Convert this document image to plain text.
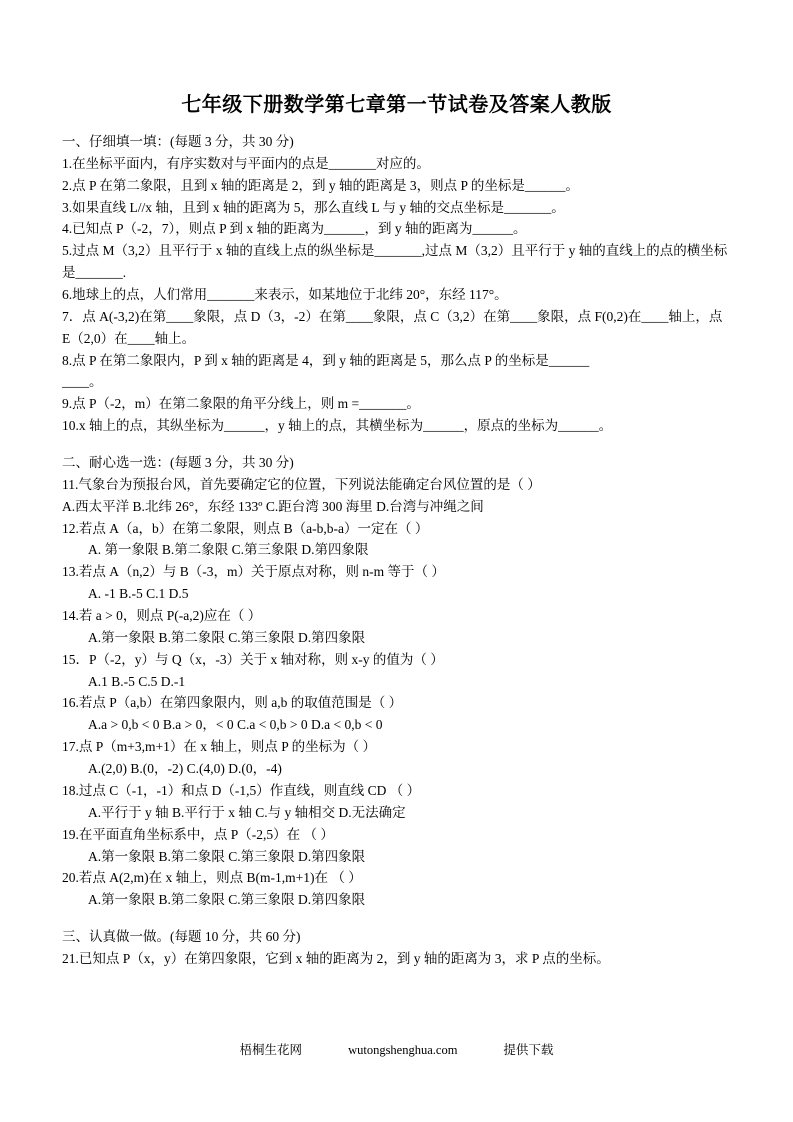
七年级下册数学第七章第一节试卷及答案人教版

一、仔细填一填：(每题 3 分，共 30 分)

1.在坐标平面内，有序实数对与平面内的点是_______对应的。

2.点 P 在第二象限，且到 x 轴的距离是 2，到 y 轴的距离是 3，则点 P 的坐标是______。

3.如果直线 L//x 轴，且到 x 轴的距离为 5，那么直线 L 与 y 轴的交点坐标是_______。

4.已知点 P（-2，7），则点 P 到 x 轴的距离为______，到 y 轴的距离为______。

5.过点 M（3,2）且平行于 x 轴的直线上点的纵坐标是_______,过点 M（3,2）且平行于 y 轴的直线上的点的横坐标是_______.

6.地球上的点，人们常用_______来表示，如某地位于北纬 20°，东经 117°。

7．点 A(-3,2)在第____象限，点 D（3，-2）在第____象限，点 C（3,2）在第____象限，点 F(0,2)在____轴上，点 E（2,0）在____轴上。

8.点 P 在第二象限内，P 到 x 轴的距离是 4，到 y 轴的距离是 5，那么点 P 的坐标是______

____。

9.点 P（-2，m）在第二象限的角平分线上，则 m =_______。

10.x 轴上的点，其纵坐标为______，y 轴上的点，其横坐标为______，原点的坐标为______。

二、耐心选一选：(每题 3 分，共 30 分)

11.气象台为预报台风，首先要确定它的位置，下列说法能确定台风位置的是（ ）

A.西太平洋 B.北纬 26°，东经 133º C.距台湾 300 海里 D.台湾与冲绳之间

12.若点 A（a，b）在第二象限，则点 B（a-b,b-a）一定在（ ）

A. 第一象限 B.第二象限 C.第三象限 D.第四象限

13.若点 A（n,2）与 B（-3，m）关于原点对称，则 n-m 等于（ ）

A. -1 B.-5 C.1 D.5

14.若 a > 0，则点 P(-a,2)应在（ ）

A.第一象限 B.第二象限 C.第三象限 D.第四象限

15．P（-2，y）与 Q（x，-3）关于 x 轴对称，则 x-y 的值为（ ）

A.1 B.-5 C.5 D.-1

16.若点 P（a,b）在第四象限内，则 a,b 的取值范围是（ ）

A.a > 0,b < 0 B.a > 0，< 0 C.a < 0,b > 0 D.a < 0,b < 0

17.点 P（m+3,m+1）在 x 轴上，则点 P 的坐标为（ ）

A.(2,0) B.(0，-2) C.(4,0) D.(0，-4)

18.过点 C（-1，-1）和点 D（-1,5）作直线，则直线 CD （ ）

A.平行于 y 轴 B.平行于 x 轴 C.与 y 轴相交 D.无法确定

19.在平面直角坐标系中，点 P（-2,5）在 （ ）

A.第一象限 B.第二象限 C.第三象限 D.第四象限

20.若点 A(2,m)在 x 轴上，则点 B(m-1,m+1)在 （ ）

A.第一象限 B.第二象限 C.第三象限 D.第四象限

三、认真做一做。(每题 10 分，共 60 分)

21.已知点 P（x，y）在第四象限，它到 x 轴的距离为 2，到 y 轴的距离为 3，求 P 点的坐标。

梧桐生花网	wutongshenghua.com	提供下载
